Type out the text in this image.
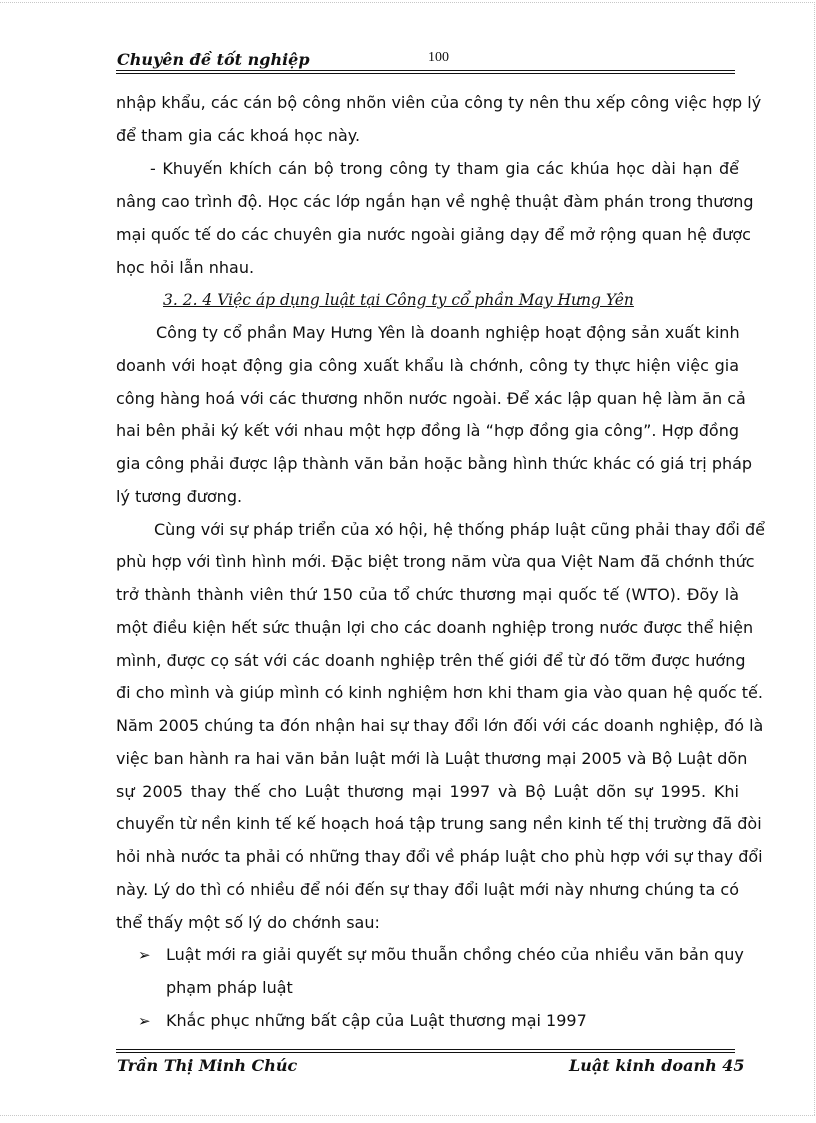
Chuyên đề tốt nghiệp	100
nhập khẩu, các cán bộ công nhõn viên của công ty nên thu xếp công việc hợp lý
để tham gia các khoá học này.
- Khuyến khích cán bộ trong công ty tham gia các khúa học dài hạn để
nâng cao trình độ. Học các lớp ngắn hạn về nghệ thuật đàm phán trong thương
mại quốc tế do các chuyên gia nước ngoài giảng dạy để mở rộng quan hệ được
học hỏi lẫn nhau.
3. 2. 4 Việc áp dụng luật tại Công ty cổ phần May Hưng Yên
Công ty cổ phần May Hưng Yên là doanh nghiệp hoạt động sản xuất kinh
doanh với hoạt động gia công xuất khẩu là chớnh, công ty thực hiện việc gia
công hàng hoá với các thương nhõn nước ngoài. Để xác lập quan hệ làm ăn cả
hai bên phải ký kết với nhau một hợp đồng là “hợp đồng gia công”. Hợp đồng
gia công phải được lập thành văn bản hoặc bằng hình thức khác có giá trị pháp
lý tương đương.
Cùng với sự pháp triển của xó hội, hệ thống pháp luật cũng phải thay đổi để
phù hợp với tình hình mới. Đặc biệt trong năm vừa qua Việt Nam đã chớnh thức
trở thành thành viên thứ 150 của tổ chức thương mại quốc tế (WTO). Đõy là
một điều kiện hết sức thuận lợi cho các doanh nghiệp trong nước được thể hiện
mình, được cọ sát với các doanh nghiệp trên thế giới để từ đó tỡm được hướng
đi cho mình và giúp mình có kinh nghiệm hơn khi tham gia vào quan hệ quốc tế.
Năm 2005 chúng ta đón nhận hai sự thay đổi lớn đối với các doanh nghiệp, đó là
việc ban hành ra hai văn bản luật mới là Luật thương mại 2005 và Bộ Luật dõn
sự 2005 thay thế cho Luật thương mại 1997 và Bộ Luật dõn sự 1995. Khi
chuyển từ nền kinh tế kế hoạch hoá tập trung sang nền kinh tế thị trường đã đòi
hỏi nhà nước ta phải có những thay đổi về pháp luật cho phù hợp với sự thay đổi
này. Lý do thì có nhiều để nói đến sự thay đổi luật mới này nhưng chúng ta có
thể thấy một số lý do chớnh sau:
➢ Luật mới ra giải quyết sự mõu thuẫn chồng chéo của nhiều văn bản quy
phạm pháp luật
➢ Khắc phục những bất cập của Luật thương mại 1997
Trần Thị Minh Chúc	Luật kinh doanh 45
